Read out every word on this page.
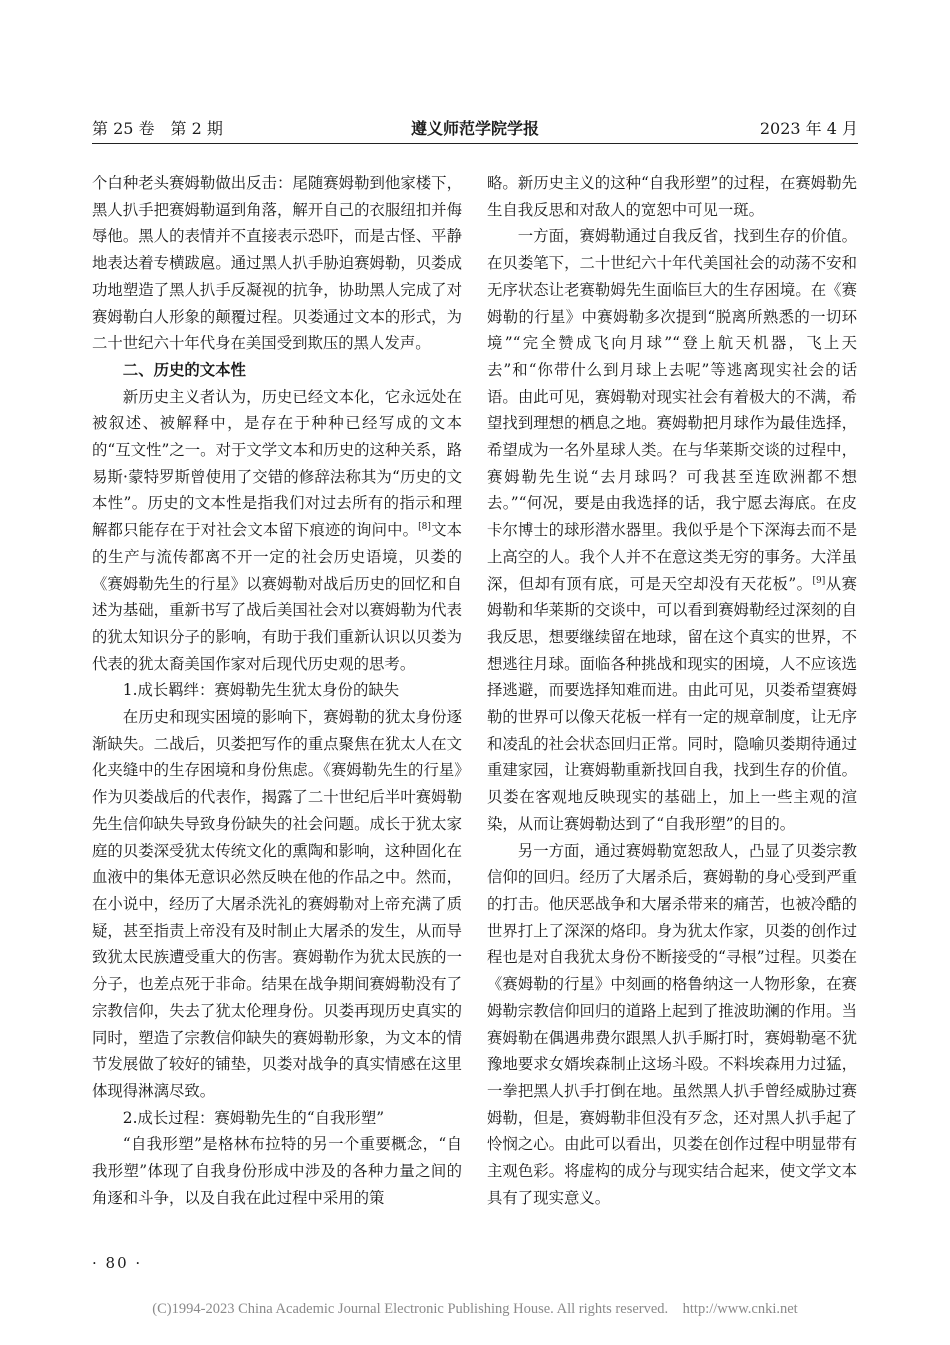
第 25 卷　第 2 期	遵义师范学院学报	2023 年 4 月

个白种老头赛姆勒做出反击：尾随赛姆勒到他家楼下，黑人扒手把赛姆勒逼到角落，解开自己的衣服纽扣并侮辱他。黑人的表情并不直接表示恐吓，而是古怪、平静地表达着专横跋扈。通过黑人扒手胁迫赛姆勒，贝娄成功地塑造了黑人扒手反凝视的抗争，协助黑人完成了对赛姆勒白人形象的颠覆过程。贝娄通过文本的形式，为二十世纪六十年代身在美国受到欺压的黑人发声。

二、历史的文本性

新历史主义者认为，历史已经文本化，它永远处在被叙述、被解释中，是存在于种种已经写成的文本的“互文性”之一。对于文学文本和历史的这种关系，路易斯·蒙特罗斯曾使用了交错的修辞法称其为“历史的文本性”。历史的文本性是指我们对过去所有的指示和理解都只能存在于对社会文本留下痕迹的询问中。[8]文本的生产与流传都离不开一定的社会历史语境，贝娄的《赛姆勒先生的行星》以赛姆勒对战后历史的回忆和自述为基础，重新书写了战后美国社会对以赛姆勒为代表的犹太知识分子的影响，有助于我们重新认识以贝娄为代表的犹太裔美国作家对后现代历史观的思考。

1.成长羁绊：赛姆勒先生犹太身份的缺失

在历史和现实困境的影响下，赛姆勒的犹太身份逐渐缺失。二战后，贝娄把写作的重点聚焦在犹太人在文化夹缝中的生存困境和身份焦虑。《赛姆勒先生的行星》作为贝娄战后的代表作，揭露了二十世纪后半叶赛姆勒先生信仰缺失导致身份缺失的社会问题。成长于犹太家庭的贝娄深受犹太传统文化的熏陶和影响，这种固化在血液中的集体无意识必然反映在他的作品之中。然而，在小说中，经历了大屠杀洗礼的赛姆勒对上帝充满了质疑，甚至指责上帝没有及时制止大屠杀的发生，从而导致犹太民族遭受重大的伤害。赛姆勒作为犹太民族的一分子，也差点死于非命。结果在战争期间赛姆勒没有了宗教信仰，失去了犹太伦理身份。贝娄再现历史真实的同时，塑造了宗教信仰缺失的赛姆勒形象，为文本的情节发展做了较好的铺垫，贝娄对战争的真实情感在这里体现得淋漓尽致。

2.成长过程：赛姆勒先生的“自我形塑”

“自我形塑”是格林布拉特的另一个重要概念，“自我形塑”体现了自我身份形成中涉及的各种力量之间的角逐和斗争，以及自我在此过程中采用的策

略。新历史主义的这种“自我形塑”的过程，在赛姆勒先生自我反思和对敌人的宽恕中可见一斑。

一方面，赛姆勒通过自我反省，找到生存的价值。在贝娄笔下，二十世纪六十年代美国社会的动荡不安和无序状态让老赛勒姆先生面临巨大的生存困境。在《赛姆勒的行星》中赛姆勒多次提到“脱离所熟悉的一切环境”“完全赞成飞向月球”“登上航天机器，飞上天去”和“你带什么到月球上去呢”等逃离现实社会的话语。由此可见，赛姆勒对现实社会有着极大的不满，希望找到理想的栖息之地。赛姆勒把月球作为最佳选择，希望成为一名外星球人类。在与华莱斯交谈的过程中，赛姆勒先生说“去月球吗？可我甚至连欧洲都不想去。”“何况，要是由我选择的话，我宁愿去海底。在皮卡尔博士的球形潜水器里。我似乎是个下深海去而不是上高空的人。我个人并不在意这类无穷的事务。大洋虽深，但却有顶有底，可是天空却没有天花板”。[9]从赛姆勒和华莱斯的交谈中，可以看到赛姆勒经过深刻的自我反思，想要继续留在地球，留在这个真实的世界，不想逃往月球。面临各种挑战和现实的困境，人不应该选择逃避，而要选择知难而进。由此可见，贝娄希望赛姆勒的世界可以像天花板一样有一定的规章制度，让无序和凌乱的社会状态回归正常。同时，隐喻贝娄期待通过重建家园，让赛姆勒重新找回自我，找到生存的价值。贝娄在客观地反映现实的基础上，加上一些主观的渲染，从而让赛姆勒达到了“自我形塑”的目的。

另一方面，通过赛姆勒宽恕敌人，凸显了贝娄宗教信仰的回归。经历了大屠杀后，赛姆勒的身心受到严重的打击。他厌恶战争和大屠杀带来的痛苦，也被冷酷的世界打上了深深的烙印。身为犹太作家，贝娄的创作过程也是对自我犹太身份不断接受的“寻根”过程。贝娄在《赛姆勒的行星》中刻画的格鲁纳这一人物形象，在赛姆勒宗教信仰回归的道路上起到了推波助澜的作用。当赛姆勒在偶遇弗费尔跟黑人扒手厮打时，赛姆勒毫不犹豫地要求女婿埃森制止这场斗殴。不料埃森用力过猛，一拳把黑人扒手打倒在地。虽然黑人扒手曾经威胁过赛姆勒，但是，赛姆勒非但没有歹念，还对黑人扒手起了怜悯之心。由此可以看出，贝娄在创作过程中明显带有主观色彩。将虚构的成分与现实结合起来，使文学文本具有了现实意义。

· 80 ·
(C)1994-2023 China Academic Journal Electronic Publishing House. All rights reserved.　http://www.cnki.net
